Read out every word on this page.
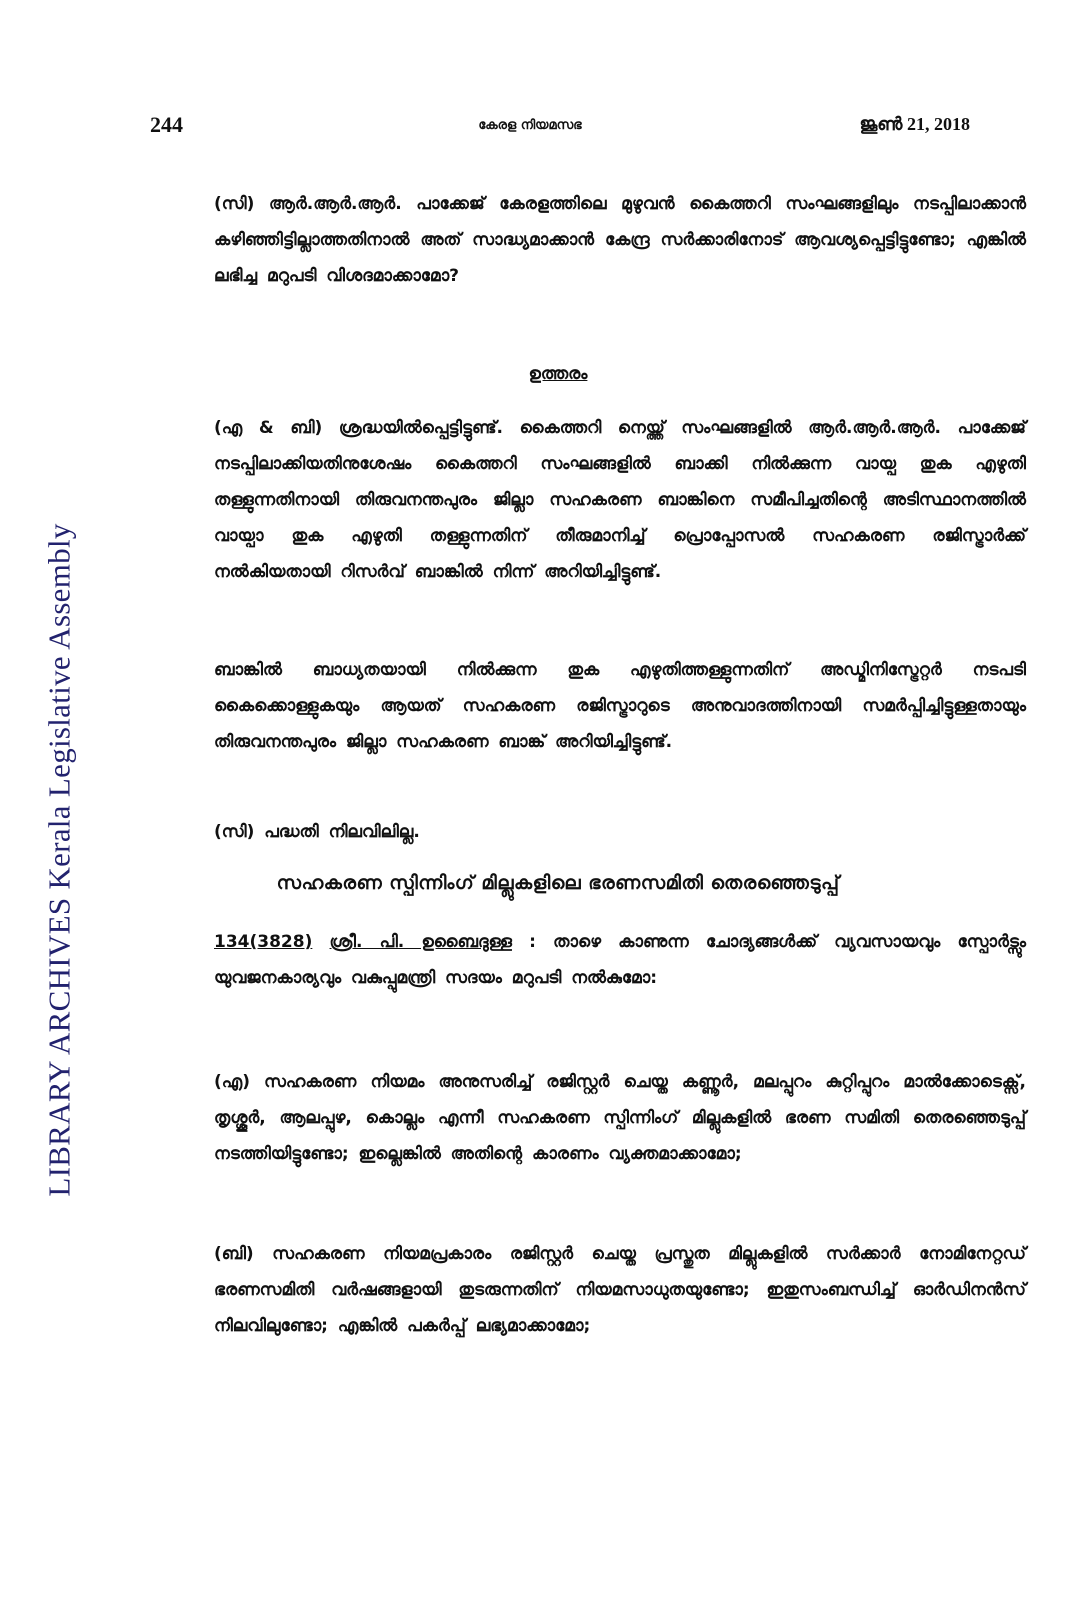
LIBRARY ARCHIVES Kerala Legislative Assembly
244	കേരള നിയമസഭ	ജൂൺ 21, 2018

(സി) ആർ.ആർ.ആർ. പാക്കേജ് കേരളത്തിലെ മുഴുവൻ കൈത്തറി സംഘങ്ങളിലും നടപ്പിലാക്കാൻ കഴിഞ്ഞിട്ടില്ലാത്തതിനാൽ അത് സാദ്ധ്യമാക്കാൻ കേന്ദ്ര സർക്കാരിനോട് ആവശ്യപ്പെട്ടിട്ടുണ്ടോ; എങ്കിൽ ലഭിച്ച മറുപടി വിശദമാക്കാമോ?

ഉത്തരം

(എ & ബി) ശ്രദ്ധയിൽപ്പെട്ടിട്ടുണ്ട്. കൈത്തറി നെയ്ത്ത് സംഘങ്ങളിൽ ആർ.ആർ.ആർ. പാക്കേജ് നടപ്പിലാക്കിയതിനുശേഷം കൈത്തറി സംഘങ്ങളിൽ ബാക്കി നിൽക്കുന്ന വായ്പ തുക എഴുതി തള്ളുന്നതിനായി തിരുവനന്തപുരം ജില്ലാ സഹകരണ ബാങ്കിനെ സമീപിച്ചതിന്റെ അടിസ്ഥാനത്തിൽ വായ്പാ തുക എഴുതി തള്ളുന്നതിന് തീരുമാനിച്ച് പ്രൊപ്പോസൽ സഹകരണ രജിസ്ട്രാർക്ക് നൽകിയതായി റിസർവ് ബാങ്കിൽ നിന്ന് അറിയിച്ചിട്ടുണ്ട്.

ബാങ്കിൽ ബാധ്യതയായി നിൽക്കുന്ന തുക എഴുതിത്തള്ളുന്നതിന് അഡ്മിനിസ്ട്രേറ്റർ നടപടി കൈക്കൊള്ളുകയും ആയത് സഹകരണ രജിസ്ട്രാറുടെ അനുവാദത്തിനായി സമർപ്പിച്ചിട്ടുള്ളതായും തിരുവനന്തപുരം ജില്ലാ സഹകരണ ബാങ്ക് അറിയിച്ചിട്ടുണ്ട്.

(സി) പദ്ധതി നിലവിലില്ല.

സഹകരണ സ്പിന്നിംഗ് മില്ലുകളിലെ ഭരണസമിതി തെരഞ്ഞെടുപ്പ്

134(3828) ശ്രീ. പി. ഉബൈദുള്ള : താഴെ കാണുന്ന ചോദ്യങ്ങൾക്ക് വ്യവസായവും സ്പോർട്സും യുവജനകാര്യവും വകുപ്പുമന്ത്രി സദയം മറുപടി നൽകുമോ:

(എ) സഹകരണ നിയമം അനുസരിച്ച് രജിസ്റ്റർ ചെയ്ത കണ്ണൂർ, മലപ്പുറം കുറ്റിപ്പുറം മാൽക്കോടെക്സ്, തൃശ്ശൂർ, ആലപ്പുഴ, കൊല്ലം എന്നീ സഹകരണ സ്പിന്നിംഗ് മില്ലുകളിൽ ഭരണ സമിതി തെരഞ്ഞെടുപ്പ് നടത്തിയിട്ടുണ്ടോ; ഇല്ലെങ്കിൽ അതിന്റെ കാരണം വ്യക്തമാക്കാമോ;

(ബി) സഹകരണ നിയമപ്രകാരം രജിസ്റ്റർ ചെയ്ത പ്രസ്തുത മില്ലുകളിൽ സർക്കാർ നോമിനേറ്റഡ് ഭരണസമിതി വർഷങ്ങളായി തുടരുന്നതിന് നിയമസാധുതയുണ്ടോ; ഇതുസംബന്ധിച്ച് ഓർഡിനൻസ് നിലവിലുണ്ടോ; എങ്കിൽ പകർപ്പ് ലഭ്യമാക്കാമോ;
